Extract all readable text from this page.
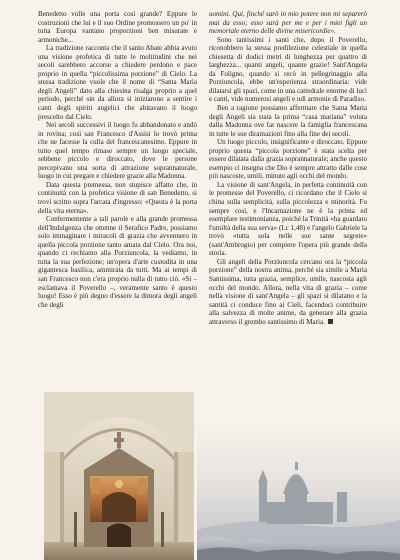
Benedetto volle una porta così grande? Eppure le costruzioni che lui e il suo Ordine promossero un po' in tutta Europa vantano proporzioni ben misurate e armoniche...

La tradizione racconta che il santo Abate abbia avuto una visione profetica di tutte le moltitudini che nei secoli sarebbero accorse a chiedere perdono e pace proprio in quella “piccolissima porzione” di Cielo. La stessa tradizione vuole che il nome di “Santa Maria degli Angeli” dato alla chiesina risalga proprio a quel periodo, perché sin da allora si iniziarono a sentire i canti degli spiriti angelici che abitavano il luogo prescelto dal Cielo.

Nei secoli successivi il luogo fu abbandonato e andò in rovina; così san Francesco d'Assisi lo trovò prima che ne facesse la culla del francescanesimo. Eppure in tutto quel tempo rimase sempre un luogo speciale, sebbene piccolo e diroccato, dove le persone percepivano una sorta di attrazione soprannaturale, luogo in cui pregare e chiedere grazie alla Madonna.

Data questa premessa, non stupisce affatto che, in continuità con la profetica visione di san Benedetto, si trovi scritto sopra l'arcata d'ingresso: «Questa è la porta della vita eterna».

Confermemente a tali parole e alla grande promessa dell'Indulgenza che ottenne il Serafico Padre, possiamo solo immaginare i miracoli di grazia che avvennero in quella piccola porzione tanto amata dal Cielo. Ora noi, quando ci rechiamo alla Porziuncola, la vediamo, in tutta la sua perfezione; un'opera d'arte custodita in una gigantesca basilica, ammirata da tutti. Ma ai tempi di san Francesco non c'era proprio nulla di tutto ciò. «Si – esclamava il Poverello –, veramente santo è questo luogo! Esso è più degno d'essere la dimora degli angeli che degli

uomini. Qui, finché sarò in mio potere non mi separerò mai da esso; esso sarà per me e per i miei figli un memoriale eterno delle divine misericordie».

Sono tantissimi i santi che, dopo il Poverello, riconobbero la stessa predilezione celestiale in quella chiesetta di dodici metri di lunghezza per quattro di larghezza... quanti angeli, quante grazie! Sant'Angela da Foligno, quando si recò in pellegrinaggio alla Porziuncola, ebbe un'esperienza straordinaria: vide dilatarsi gli spazi, come in una cattedrale enorme di luci e canti, vide numerosi angeli e udì armonie di Paradiso.

Ben a ragione possiamo affermare che Santa Maria degli Angeli sia stata la prima “casa mariana” voluta dalla Madonna ove far nascere la famiglia francescana in tutte le sue diramazioni fino alla fine dei secoli.

Un luogo piccolo, insignificante e diroccato. Eppure proprio questa “piccola porzione” è stata scelta per essere dilatata dalla grazia soprannaturale; anche questo esempio ci insegna che Dio è sempre attratto dalle cose più nascoste, umili, minute agli occhi del mondo.

La visione di sant'Angela, in perfetta continuità con le promesse del Poverello, ci ricordano che il Cielo si china sulla semplicità, sulla piccolezza e minorità. Fu sempre così, e l'Incarnazione ne è la prima ed esemplare testimonianza, poiché la Trinità «ha guardato l'umiltà della sua serva» (Lc 1,48) e l'angelo Gabriele la trovò «tutta sola nelle sue sante segrete» (sant'Ambrogio) per compiere l'opera più grande della storia.

Gli angeli della Porziuncola cercano ora la “piccola porzione” della nostra anima, perché sia simile a Maria Santissima, tutta grazia, semplice, umile, nascosta agli occhi del mondo. Allora, nella vita di grazia – come nella visione di sant'Angela – gli spazi si dilatano e la santità ci conduce fino ai Cieli, facendoci contribuire alla salvezza di molte anime, da generare alla grazia attraverso il grembo santissimo di Maria.
